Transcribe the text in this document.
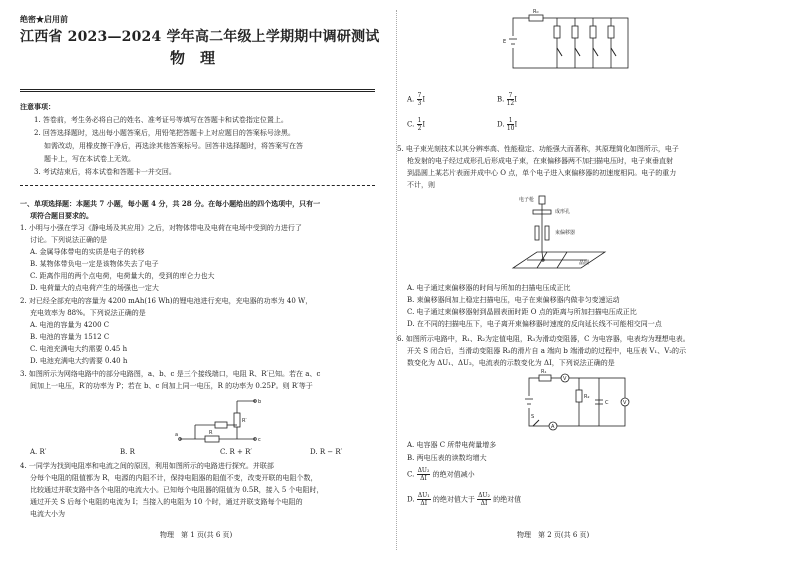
绝密★启用前
江西省 2023—2024 学年高二年级上学期期中调研测试
物　理
注意事项：
1. 答卷前，考生务必将自己的姓名、准考证号等填写在答题卡和试卷指定位置上。
2. 回答选择题时，选出每小题答案后，用铅笔把答题卡上对应题目的答案标号涂黑。
如需改动，用橡皮擦干净后，再选涂其他答案标号。回答非选择题时，将答案写在答
题卡上，写在本试卷上无效。
3. 考试结束后，将本试卷和答题卡一并交回。
一、单项选择题：本题共 7 小题，每小题 4 分，共 28 分。在每小题给出的四个选项中，只有一
项符合题目要求的。
1. 小明与小强在学习《静电场及其应用》之后，对物体带电及电荷在电场中受到的力进行了
讨论。下列说法正确的是
A. 金属导体带电的实质是电子的转移
B. 某物体带负电一定是该物体失去了电子
C. 距离作用的两个点电荷，电荷量大的，受到的库仑力也大
D. 电荷量大的点电荷产生的场强也一定大
2. 对已经全部充电的容量为 4200 mAh(16 Wh)的锂电池进行充电，充电器的功率为 40 W，
充电效率为 88%。下列说法正确的是
A. 电池的容量为 4200 C
B. 电池的容量为 1512 C
C. 电池充满电大约需要 0.45 h
D. 电池充满电大约需要 0.40 h
3. 如图所示为网络电路中的部分电路图，a、b、c 是三个接线端口，电阻 R、R′已知。若在 a、c
间加上一电压，R′的功率为 P；若在 b、c 间加上同一电压，R 的功率为 0.25P。则 R′等于
a	R
c
R′
b
A. R′	B. R	C. R + R′	D. R − R′
4. 一同学为找到电阻率和电流之间的原因，利用如图所示的电路进行探究。并联部
分每个电阻的阻值都为 R，电源的内阻不计，保持电阻器的阻值不变，改变开联的电阻个数，
比较通过并联支路中各个电阻的电流大小。已知每个电阻器的阻值为 0.5R，接入 5 个电阻时，
通过开关 S 后每个电阻的电流为 I；当接入的电阻为 10 个时，通过并联支路每个电阻的
电流大小为
物理　第 1 页(共 6 页)
R₀
E
A. $\frac{7}{3}$ I	B. $\frac{7}{12}$ I
C. $\frac{1}{2}$ I	D. $\frac{1}{10}$ I
5. 电子束光刻技术以其分辨率高、性能稳定、功能强大而著称，其原理简化如图所示，电子
枪发射的电子经过成形孔后形成电子束，在束偏移器两不加扫描电压时，电子束垂直射
到晶圆上某芯片表面并成中心 O 点，单个电子进入束偏移器的初速度相同。电子的重力
不计，则
电子枪
成形孔
束偏移器
晶圆
A. 电子通过束偏移器的时间与所加的扫描电压成正比
B. 束偏移器间加上稳定扫描电压，电子在束偏移器内做非匀变速运动
C. 电子通过束偏移器射到晶圆表面时距 O 点的距离与所加扫描电压成正比
D. 在不同的扫描电压下，电子离开束偏移器时速度的反向延长线不可能相交同一点
6. 如图所示电路中，R₁、R₂为定值电阻，R₃为滑动变阻器，C 为电容器，电表均为理想电表。
开关 S 闭合后，当滑动变阻器 R₃的滑片自 a 端向 b 端滑动的过程中，电压表 V₁、V₂的示
数变化为 ΔU₁、ΔU₂，电流表的示数变化为 ΔI，下列说法正确的是
R₁
V
R₂
C	V
A
S
A. 电容器 C 所带电荷量增多
B. 两电压表的读数均增大
C. $\frac{\text{ΔU₂}}{\Delta I}$ 的绝对值减小
D. $\frac{\text{ΔU₁}}{\Delta I}$ 的绝对值大于 $\frac{\text{ΔU₂}}{\Delta I}$ 的绝对值
物理　第 2 页(共 6 页)
